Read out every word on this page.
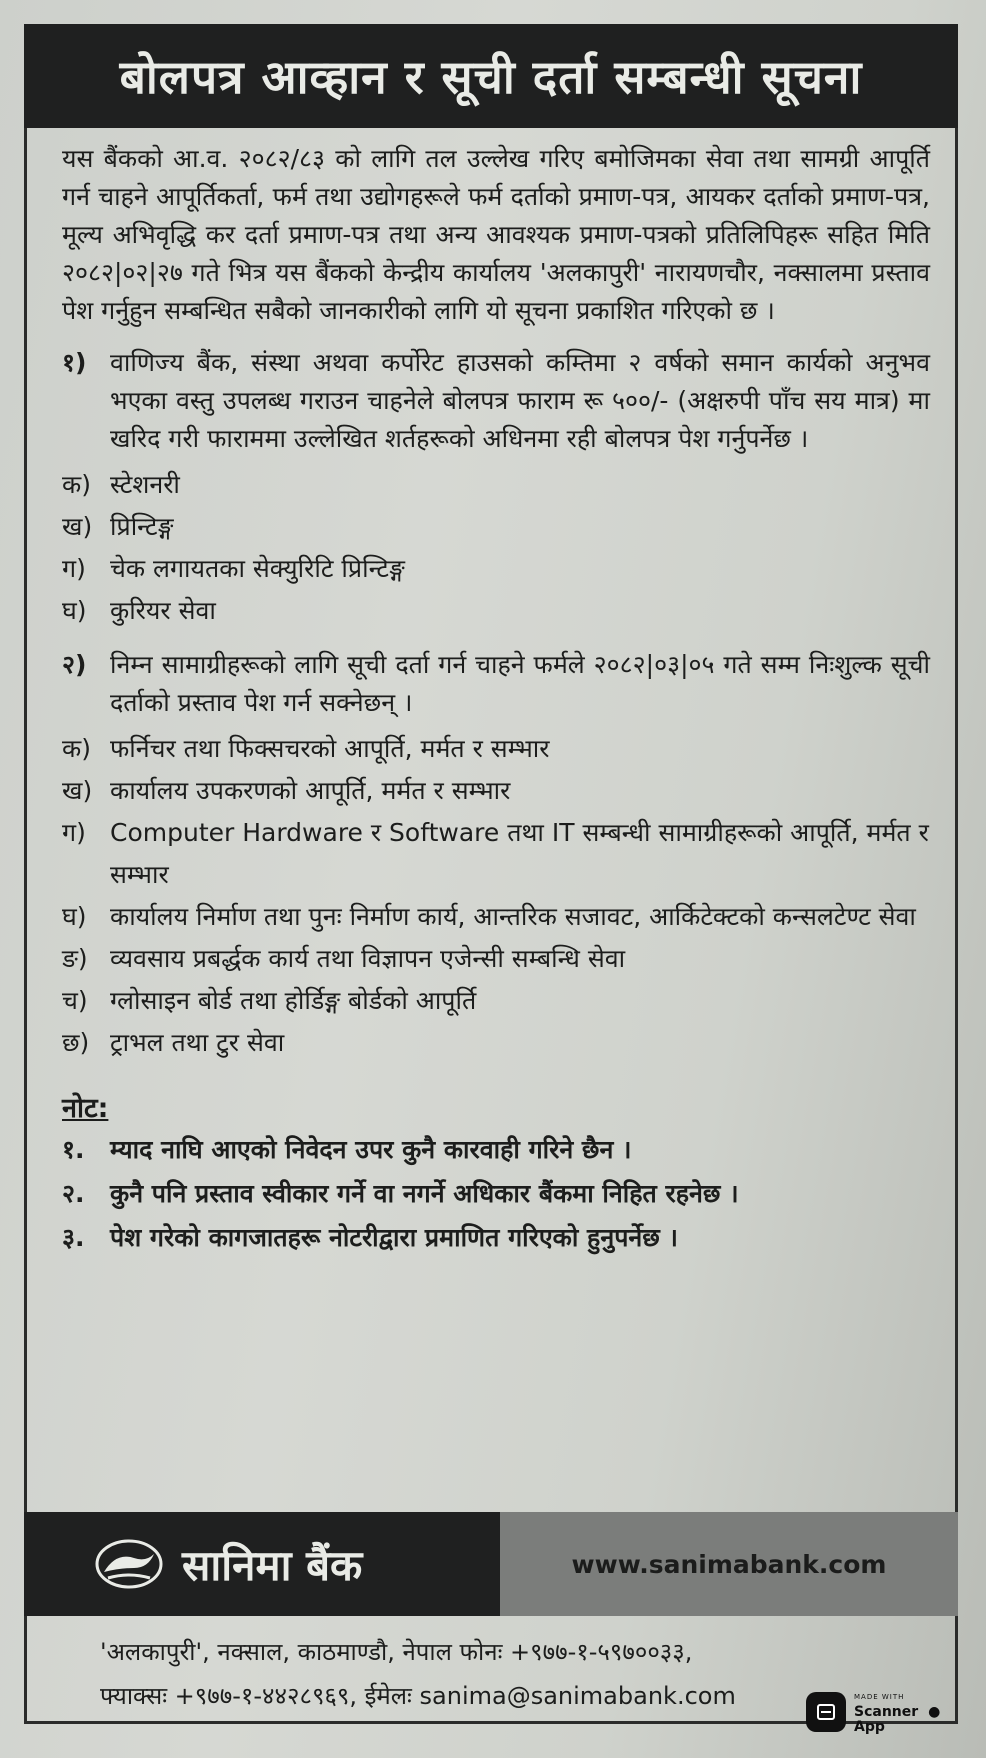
बोलपत्र आव्हान र सूची दर्ता सम्बन्धी सूचना

यस बैंकको आ.व. २०८२/८३ को लागि तल उल्लेख गरिए बमोजिमका सेवा तथा सामग्री आपूर्ति गर्न चाहने आपूर्तिकर्ता, फर्म तथा उद्योगहरूले फर्म दर्ताको प्रमाण-पत्र, आयकर दर्ताको प्रमाण-पत्र, मूल्य अभिवृद्धि कर दर्ता प्रमाण-पत्र तथा अन्य आवश्यक प्रमाण-पत्रको प्रतिलिपिहरू सहित मिति २०८२|०२|२७ गते भित्र यस बैंकको केन्द्रीय कार्यालय 'अलकापुरी' नारायणचौर, नक्सालमा प्रस्ताव पेश गर्नुहुन सम्बन्धित सबैको जानकारीको लागि यो सूचना प्रकाशित गरिएको छ ।

१) वाणिज्य बैंक, संस्था अथवा कर्पोरेट हाउसको कम्तिमा २ वर्षको समान कार्यको अनुभव भएका वस्तु उपलब्ध गराउन चाहनेले बोलपत्र फाराम रू ५००/- (अक्षरुपी पाँच सय मात्र) मा खरिद गरी फाराममा उल्लेखित शर्तहरूको अधिनमा रही बोलपत्र पेश गर्नुपर्नेछ ।
क) स्टेशनरी
ख) प्रिन्टिङ्ग
ग) चेक लगायतका सेक्युरिटि प्रिन्टिङ्ग
घ) कुरियर सेवा
२) निम्न सामाग्रीहरूको लागि सूची दर्ता गर्न चाहने फर्मले २०८२|०३|०५ गते सम्म निःशुल्क सूची दर्ताको प्रस्ताव पेश गर्न सक्नेछन् ।
क) फर्निचर तथा फिक्सचरको आपूर्ति, मर्मत र सम्भार
ख) कार्यालय उपकरणको आपूर्ति, मर्मत र सम्भार
ग) Computer Hardware र Software तथा IT सम्बन्धी सामाग्रीहरूको आपूर्ति, मर्मत र सम्भार
घ) कार्यालय निर्माण तथा पुनः निर्माण कार्य, आन्तरिक सजावट, आर्किटेक्टको कन्सलटेण्ट सेवा
ङ) व्यवसाय प्रबर्द्धक कार्य तथा विज्ञापन एजेन्सी सम्बन्धि सेवा
च) ग्लोसाइन बोर्ड तथा होर्डिङ्ग बोर्डको आपूर्ति
छ) ट्राभल तथा टुर सेवा
नोट:
१.	म्याद नाघि आएको निवेदन उपर कुनै कारवाही गरिने छैन ।
२.	कुनै पनि प्रस्ताव स्वीकार गर्ने वा नगर्ने अधिकार बैंकमा निहित रहनेछ ।
३.	पेश गरेको कागजातहरू नोटरीद्वारा प्रमाणित गरिएको हुनुपर्नेछ ।
सानिमा बैंक	www.sanimabank.com
'अलकापुरी', नक्साल, काठमाण्डौ, नेपाल फोनः +९७७-१-५९७००३३,
फ्याक्सः +९७७-१-४४२८९६९, ईमेलः sanima@sanimabank.com	MADE WITH
Scanner
App
●
